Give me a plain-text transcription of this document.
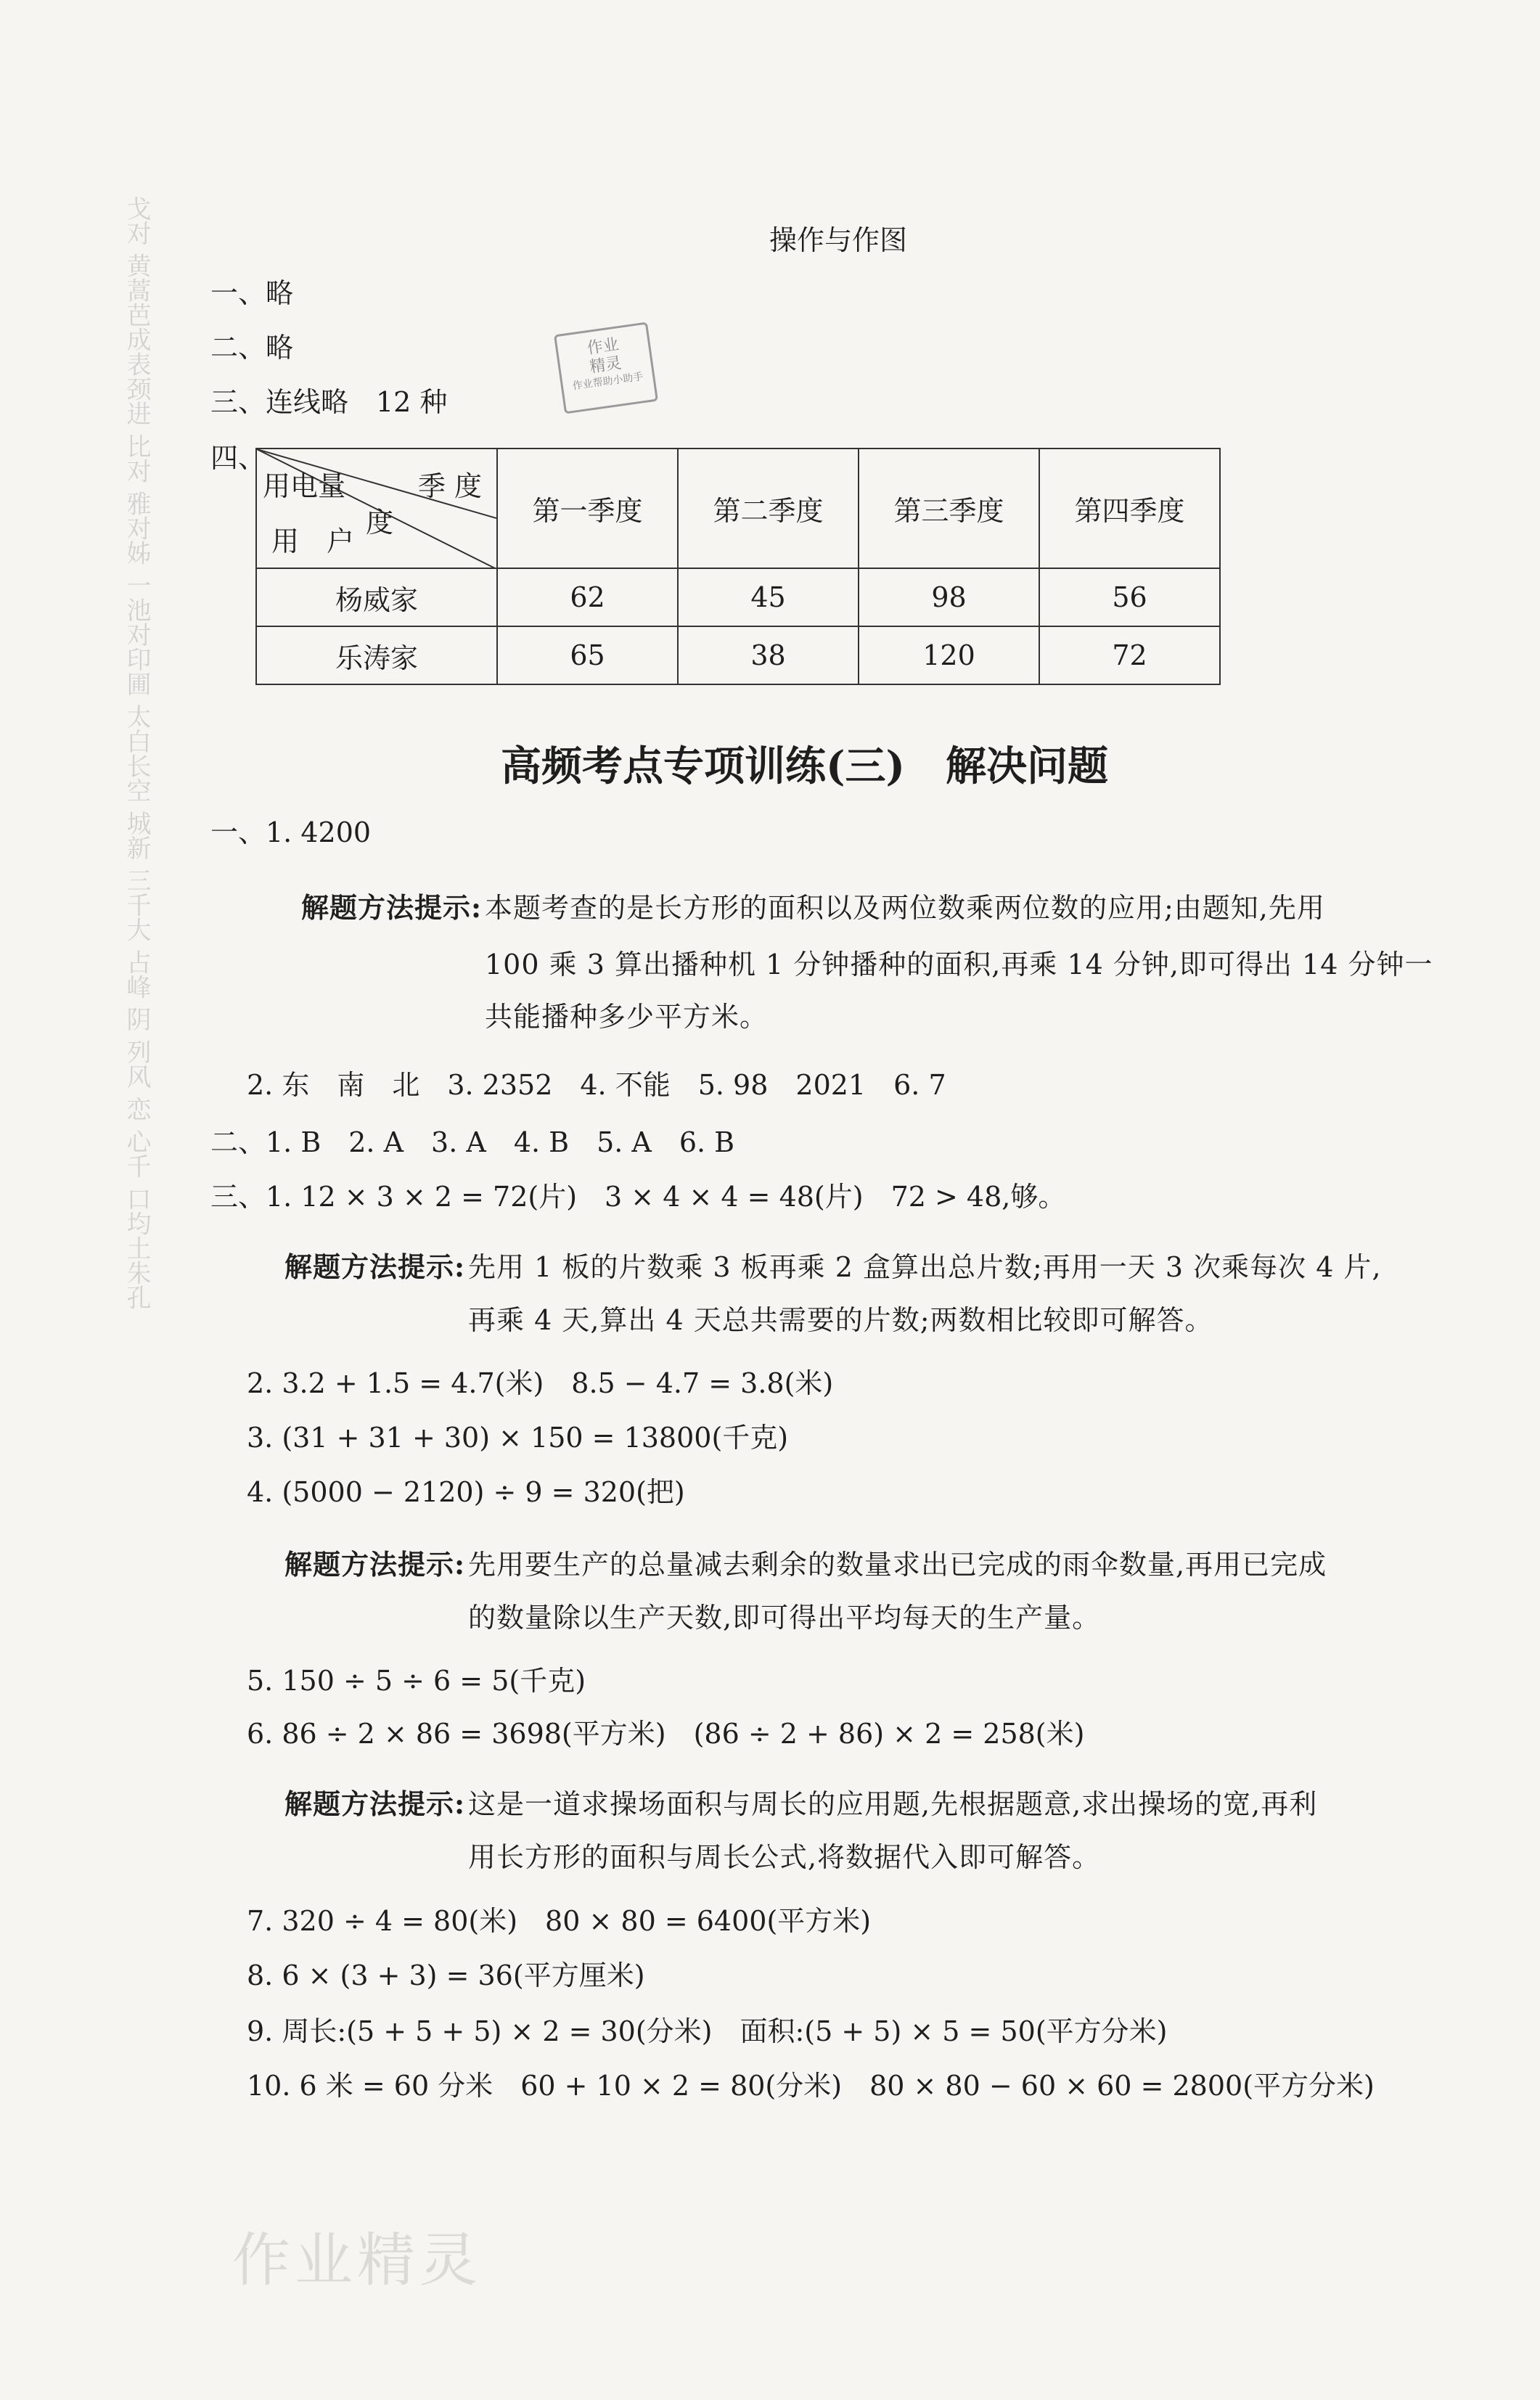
戈对 黄蒿芭成表颈进 比对 雅对姊 一池对印圃 太白长空 城新 三千大 占峰 阴 列风 恋 心千 口均土朱孔	作业
精灵
作业帮助小助手
操作与作图
一、略
二、略
三、连线略　12 种
四、
用电量
度
季 度
用　户	第一季度	第二季度	第三季度	第四季度
杨威家	62	45	98	56
乐涛家	65	38	120	72
高频考点专项训练(三)　解决问题
一、1. 4200
解题方法提示: 本题考查的是长方形的面积以及两位数乘两位数的应用;由题知,先用
100 乘 3 算出播种机 1 分钟播种的面积,再乘 14 分钟,即可得出 14 分钟一
共能播种多少平方米。
2. 东　南　北　3. 2352　4. 不能　5. 98　2021　6. 7
二、1. B　2. A　3. A　4. B　5. A　6. B
三、1. 12 × 3 × 2 = 72(片)　3 × 4 × 4 = 48(片)　72 > 48,够。
解题方法提示: 先用 1 板的片数乘 3 板再乘 2 盒算出总片数;再用一天 3 次乘每次 4 片,
再乘 4 天,算出 4 天总共需要的片数;两数相比较即可解答。
2. 3.2 + 1.5 = 4.7(米)　8.5 − 4.7 = 3.8(米)
3. (31 + 31 + 30) × 150 = 13800(千克)
4. (5000 − 2120) ÷ 9 = 320(把)
解题方法提示: 先用要生产的总量减去剩余的数量求出已完成的雨伞数量,再用已完成
的数量除以生产天数,即可得出平均每天的生产量。
5. 150 ÷ 5 ÷ 6 = 5(千克)
6. 86 ÷ 2 × 86 = 3698(平方米)　(86 ÷ 2 + 86) × 2 = 258(米)
解题方法提示: 这是一道求操场面积与周长的应用题,先根据题意,求出操场的宽,再利
用长方形的面积与周长公式,将数据代入即可解答。
7. 320 ÷ 4 = 80(米)　80 × 80 = 6400(平方米)
8. 6 × (3 + 3) = 36(平方厘米)
9. 周长:(5 + 5 + 5) × 2 = 30(分米)　面积:(5 + 5) × 5 = 50(平方分米)
10. 6 米 = 60 分米　60 + 10 × 2 = 80(分米)　80 × 80 − 60 × 60 = 2800(平方分米)
作业精灵
